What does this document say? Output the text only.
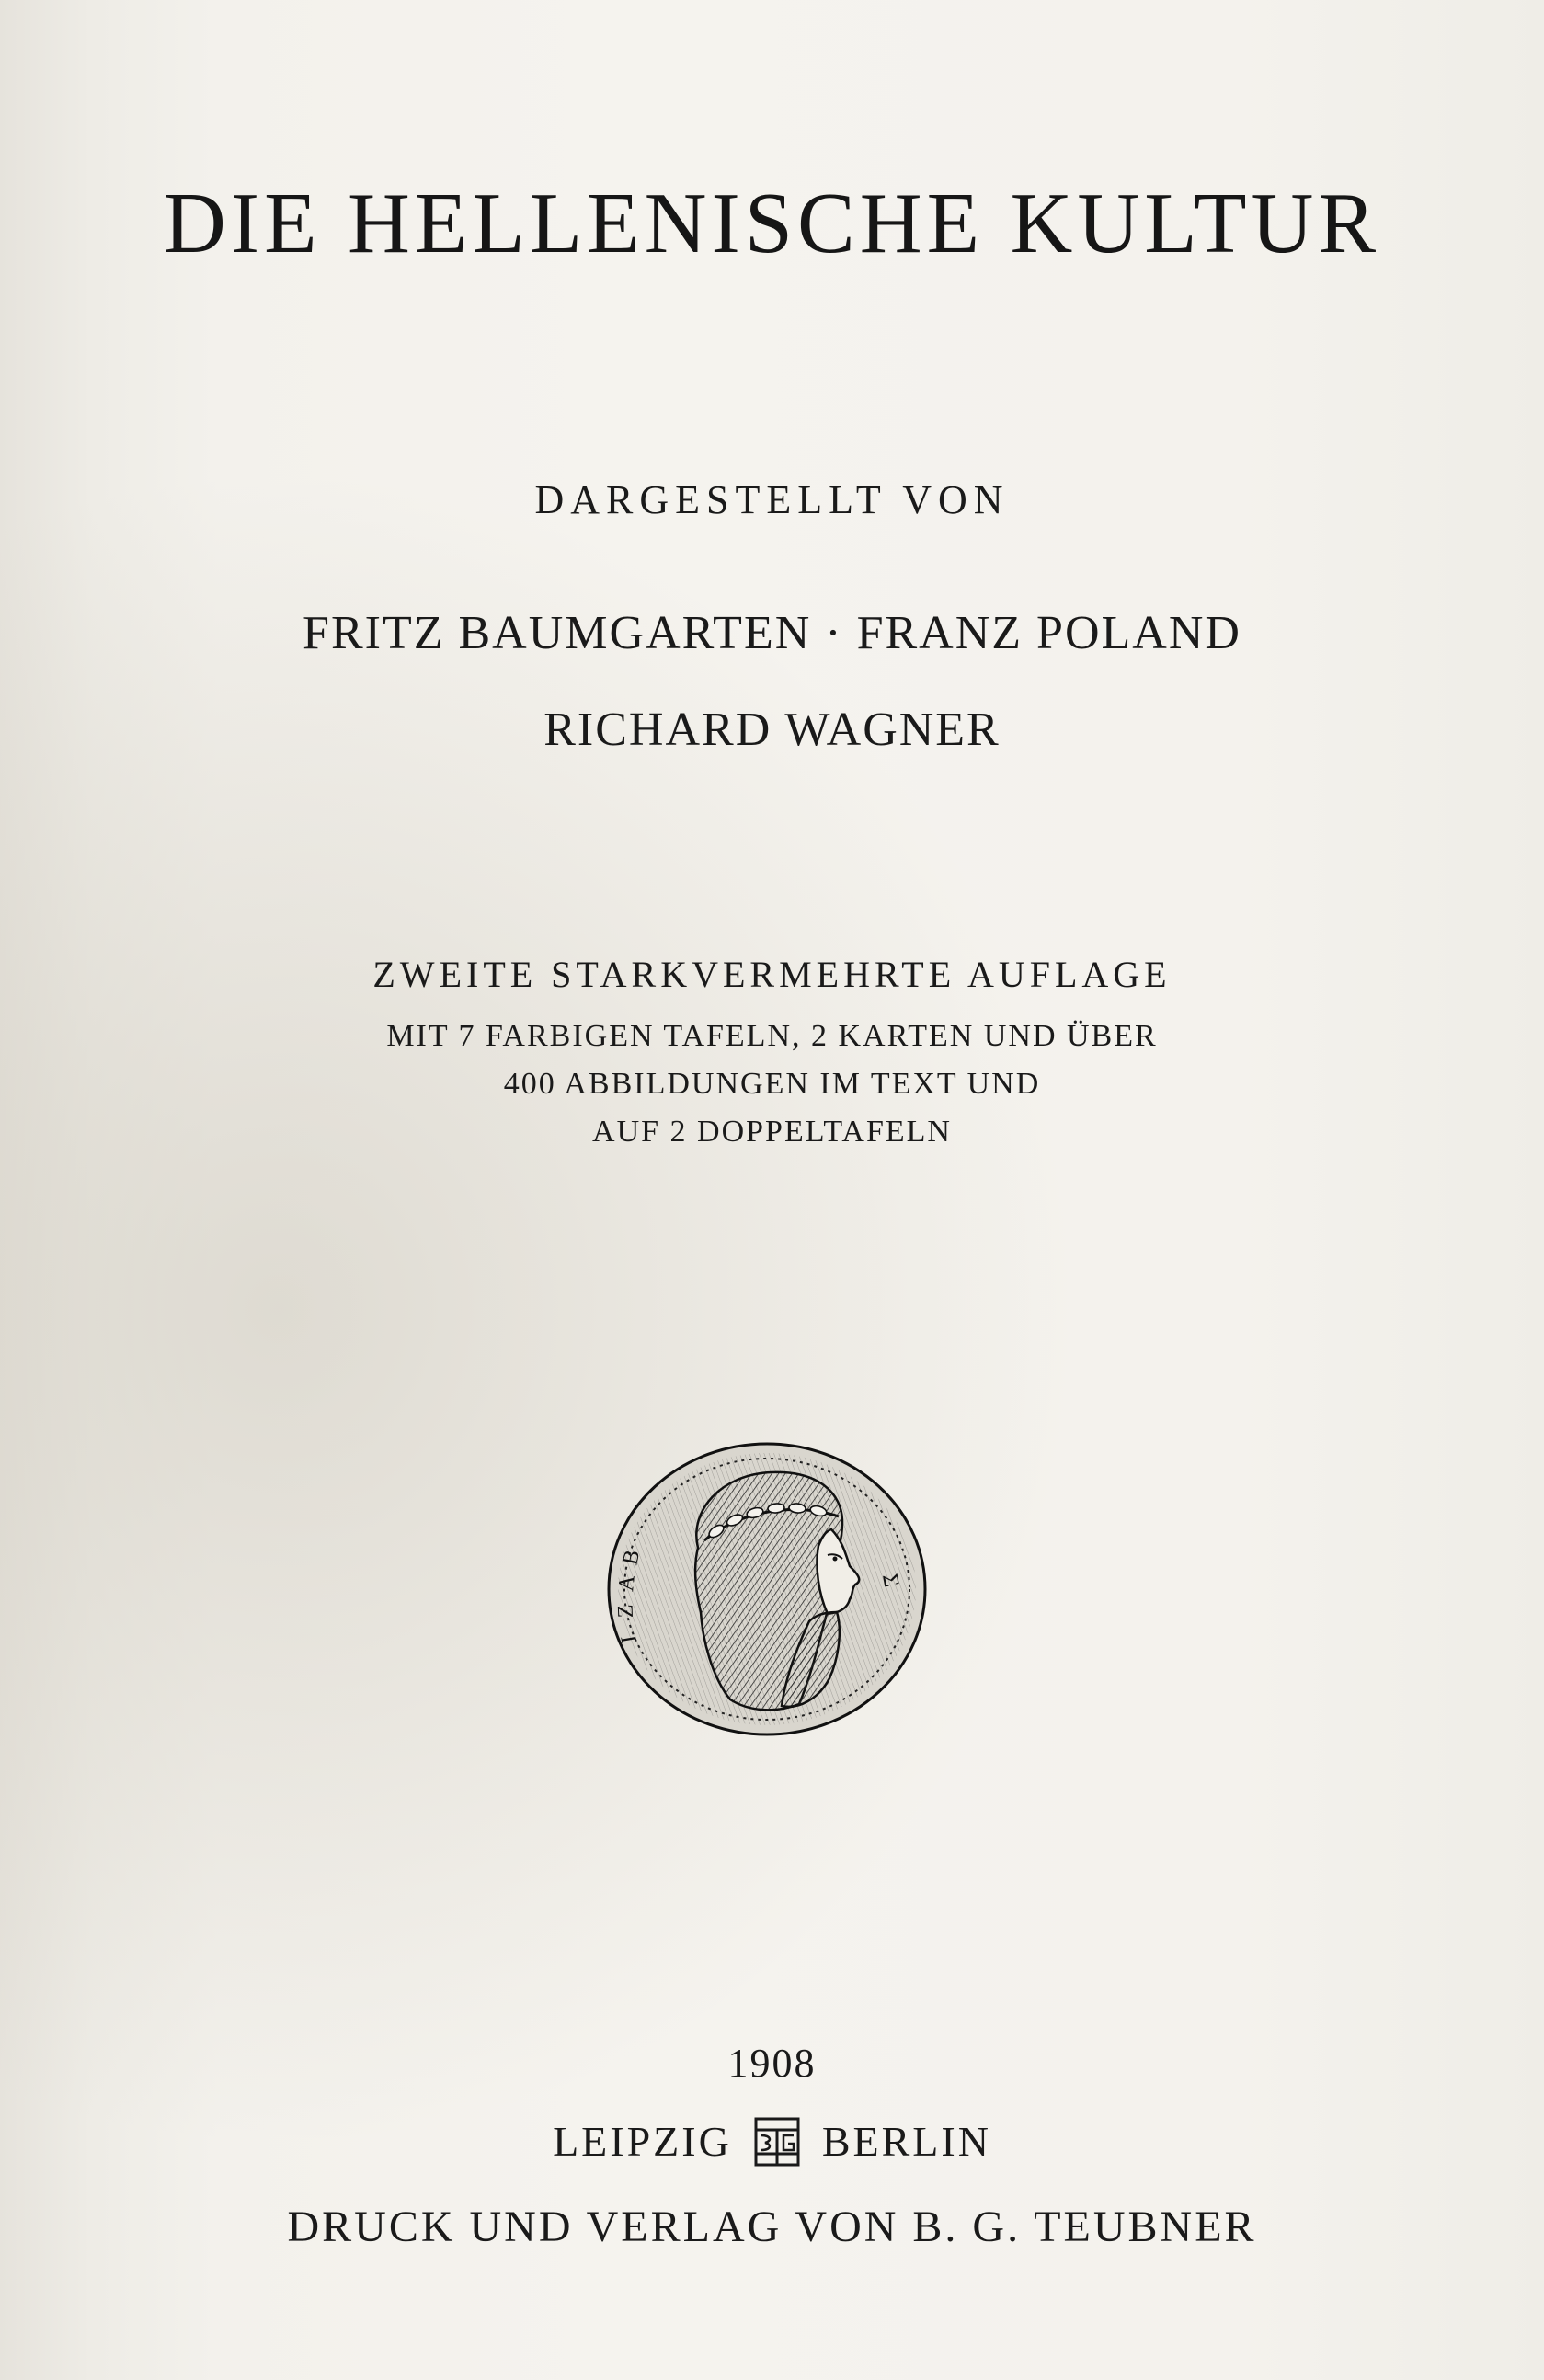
DIE HELLENISCHE KULTUR
DARGESTELLT VON
FRITZ BAUMGARTEN · FRANZ POLAND
RICHARD WAGNER
ZWEITE STARKVERMEHRTE AUFLAGE
MIT 7 FARBIGEN TAFELN, 2 KARTEN UND ÜBER
400 ABBILDUNGEN IM TEXT UND
AUF 2 DOPPELTAFELN
B
A
Z
I
Σ
1908
LEIPZIG BERLIN
DRUCK UND VERLAG VON B. G. TEUBNER
